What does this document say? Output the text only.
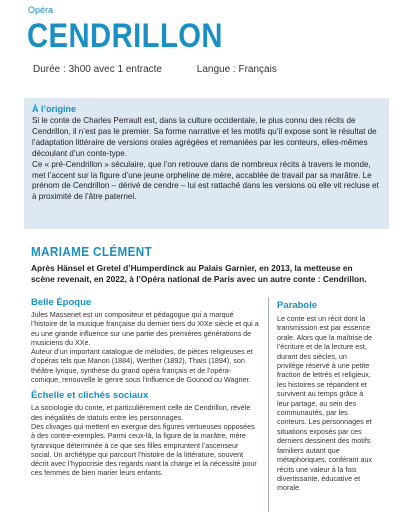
Opéra
CENDRILLON
Durée : 3h00 avec 1 entracte	Langue : Français
À l’origine

Si le conte de Charles Perrault est, dans la culture occidentale, le plus connu des récits de Cendrillon, il n’est pas le premier. Sa forme narrative et les motifs qu’il expose sont le résultat de l’adaptation littéraire de versions orales agrégées et remaniées par les conteurs, elles-mêmes découlant d’un conte-type.

Ce « pré-Cendrillon » séculaire, que l’on retrouve dans de nombreux récits à travers le monde, met l’accent sur la figure d’une jeune orpheline de mère, accablée de travail par sa marâtre. Le prénom de Cendrillon – dérivé de cendre – lui est rattaché dans les versions où elle vit recluse et à proximité de l’âtre paternel.

MARIAME CLÉMENT

Après Hänsel et Gretel d’Humperdinck au Palais Garnier, en 2013, la metteuse en scène revenait, en 2022, à l’Opéra national de Paris avec un autre conte : Cendrillon.

Belle Époque

Jules Massenet est un compositeur et pédagogue qui a marqué l’histoire de la musique française du dernier tiers du XIXe siècle et qui a eu une grande influence sur une partie des premières générations de musiciens du XXe.

Auteur d’un important catalogue de mélodies, de pièces religieuses et d’opéras tels que Manon (1884), Werther (1892), Thaïs (1894), son théâtre lyrique, synthèse du grand opéra français et de l’opéra-comique, renouvelle le genre sous l’influence de Gounod ou Wagner.

Échelle et clichés sociaux

La sociologie du conte, et particulièrement celle de Cendrillon, révèle des inégalités de statuts entre les personnages.

Des clivages qui mettent en exergue des figures vertueuses opposées à des contre-exemples. Parmi ceux-là, la figure de la marâtre, mère tyrannique déterminée à ce que ses filles empruntent l’ascenseur social. Un archétype qui parcourt l’histoire de la littérature, souvent décrit avec l’hypocrisie des regards niant la charge et la nécessité pour ces femmes de bien marier leurs enfants.

Parabole

Le conte est un récit dont la transmission est par essence orale. Alors que la maîtrise de l’écriture et de la lecture est, durant des siècles, un privilège réservé à une petite fraction de lettrés et religieux, les histoires se répandent et survivent au temps grâce à leur partage, au sein des communautés, par les conteurs. Les personnages et situations exposés par ces derniers dessinent des motifs familiers autant que métaphoriques, conférant aux récits une valeur à la fois divertissante, éducative et morale.
